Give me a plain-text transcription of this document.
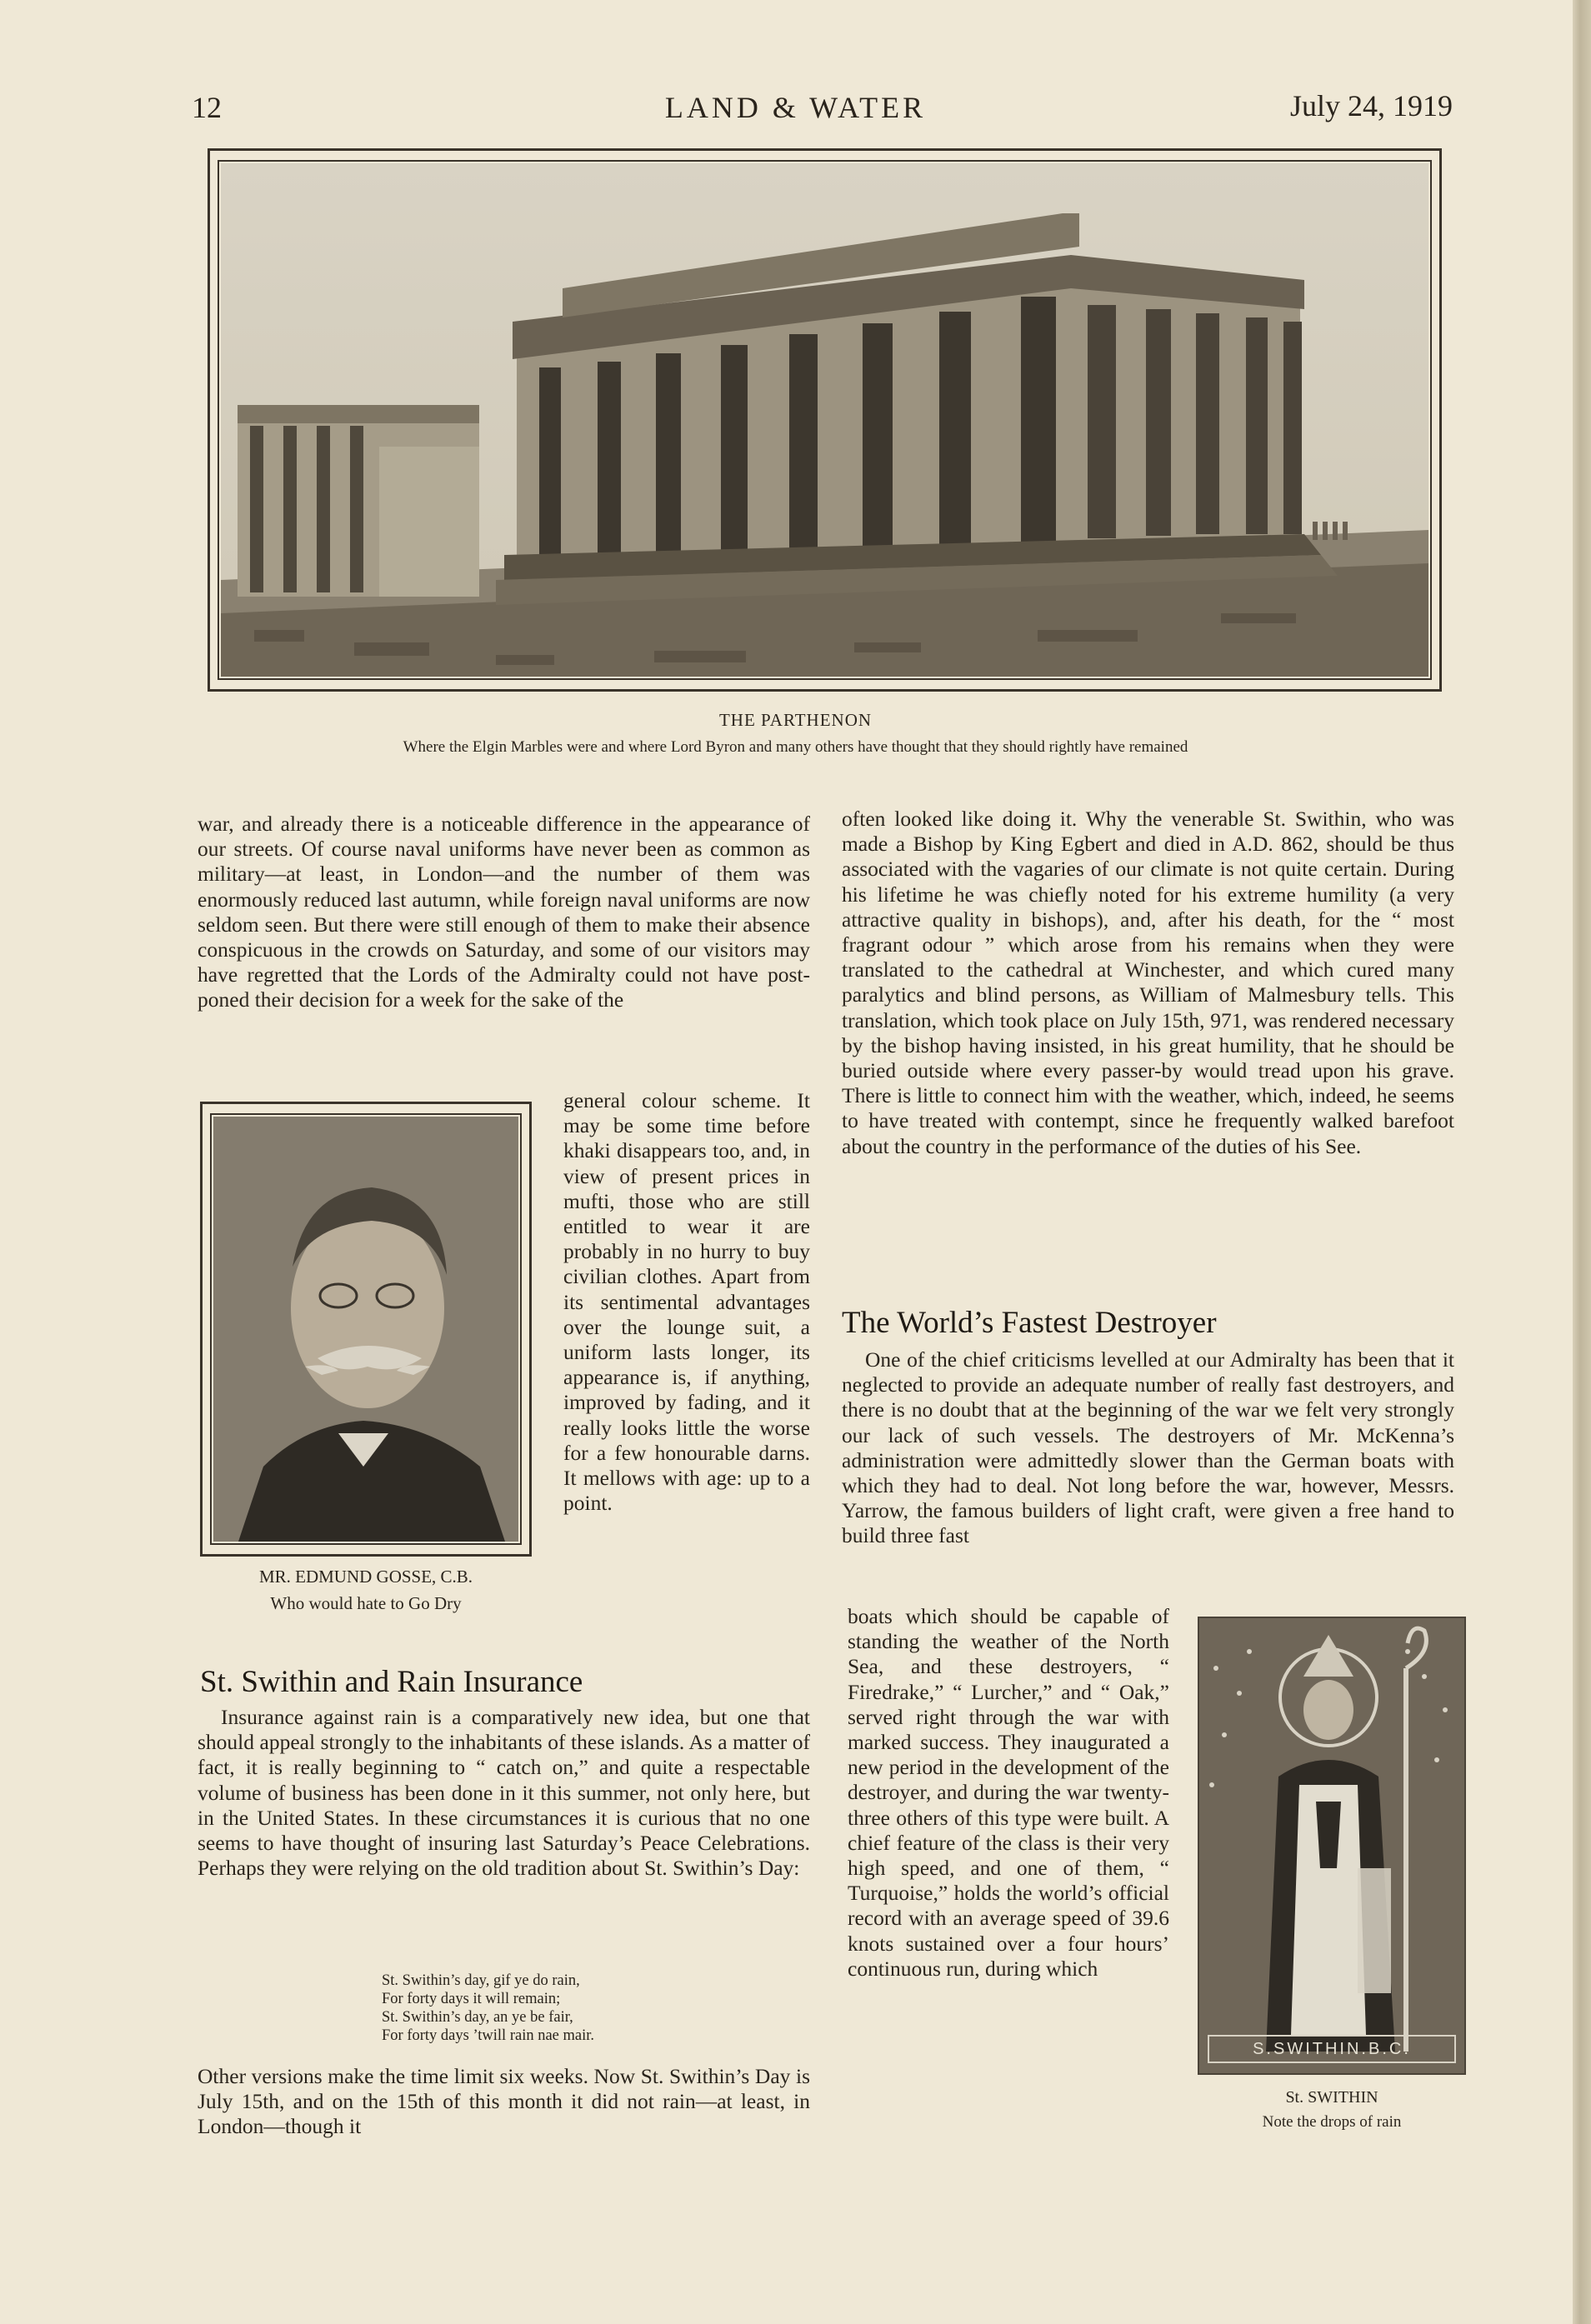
12	LAND & WATER	July 24, 1919
THE PARTHENON
Where the Elgin Marbles were and where Lord Byron and many others have thought that they should rightly have remained
MR. EDMUND GOSSE, C.B.
Who would hate to Go Dry
war, and already there is a noticeable difference in the appearance of our streets. Of course naval uniforms have never been as common as military—at least, in London—and the number of them was enormously reduced last autumn, while foreign naval uniforms are now seldom seen. But there were still enough of them to make their absence conspicuous in the crowds on Saturday, and some of our visitors may have regretted that the Lords of the Admiralty could not have post-poned their decision for a week for the sake of the
general colour scheme. It may be some time before khaki disappears too, and, in view of present prices in mufti, those who are still entitled to wear it are probably in no hurry to buy civilian clothes. Apart from its sentimental advantages over the lounge suit, a uniform lasts longer, its appearance is, if anything, improved by fading, and it really looks little the worse for a few honourable darns. It mellows with age: up to a point.
St. Swithin and Rain Insurance
Insurance against rain is a comparatively new idea, but one that should appeal strongly to the inhabitants of these islands. As a matter of fact, it is really beginning to “ catch on,” and quite a respectable volume of business has been done in it this summer, not only here, but in the United States. In these circumstances it is curious that no one seems to have thought of insuring last Saturday’s Peace Celebrations. Perhaps they were relying on the old tradition about St. Swithin’s Day:
St. Swithin’s day, gif ye do rain,
For forty days it will remain;
St. Swithin’s day, an ye be fair,
For forty days ’twill rain nae mair.
Other versions make the time limit six weeks. Now St. Swithin’s Day is July 15th, and on the 15th of this month it did not rain—at least, in London—though it
often looked like doing it. Why the venerable St. Swithin, who was made a Bishop by King Egbert and died in A.D. 862, should be thus associated with the vagaries of our climate is not quite certain. During his lifetime he was chiefly noted for his extreme humility (a very attractive quality in bishops), and, after his death, for the “ most fragrant odour ” which arose from his remains when they were translated to the cathedral at Winchester, and which cured many paralytics and blind persons, as William of Malmesbury tells. This translation, which took place on July 15th, 971, was rendered necessary by the bishop having insisted, in his great humility, that he should be buried outside where every passer-by would tread upon his grave. There is little to connect him with the weather, which, indeed, he seems to have treated with contempt, since he frequently walked barefoot about the country in the performance of the duties of his See.
The World’s Fastest Destroyer
One of the chief criticisms levelled at our Admiralty has been that it neglected to provide an adequate number of really fast destroyers, and there is no doubt that at the beginning of the war we felt very strongly our lack of such vessels. The destroyers of Mr. McKenna’s administration were admittedly slower than the German boats with which they had to deal. Not long before the war, however, Messrs. Yarrow, the famous builders of light craft, were given a free hand to build three fast
boats which should be capable of standing the weather of the North Sea, and these destroyers, “ Firedrake,” “ Lurcher,” and “ Oak,” served right through the war with marked success. They inaugurated a new period in the development of the destroyer, and during the war twenty-three others of this type were built. A chief feature of the class is their very high speed, and one of them, “ Turquoise,” holds the world’s official record with an average speed of 39.6 knots sustained over a four hours’ continuous run, during which
S.SWITHIN.B.C.
St. SWITHIN
Note the drops of rain
